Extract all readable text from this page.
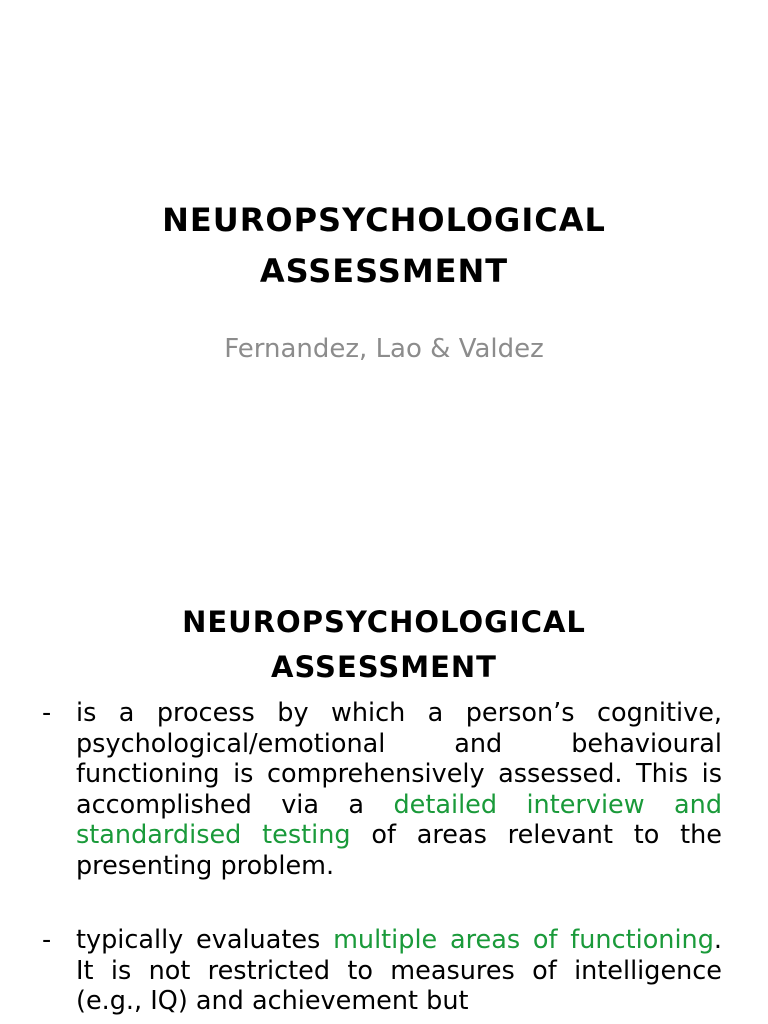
neuropsychological
assessment
Fernandez, Lao & Valdez
neuropsychological
assessment
- is a process by which a person’s cognitive, psychological/emotional and behavioural functioning is comprehensively assessed. This is accomplished via a detailed interview and standardised testing of areas relevant to the presenting problem.
- typically evaluates multiple areas of functioning. It is not restricted to measures of intelligence (e.g., IQ) and achievement but
